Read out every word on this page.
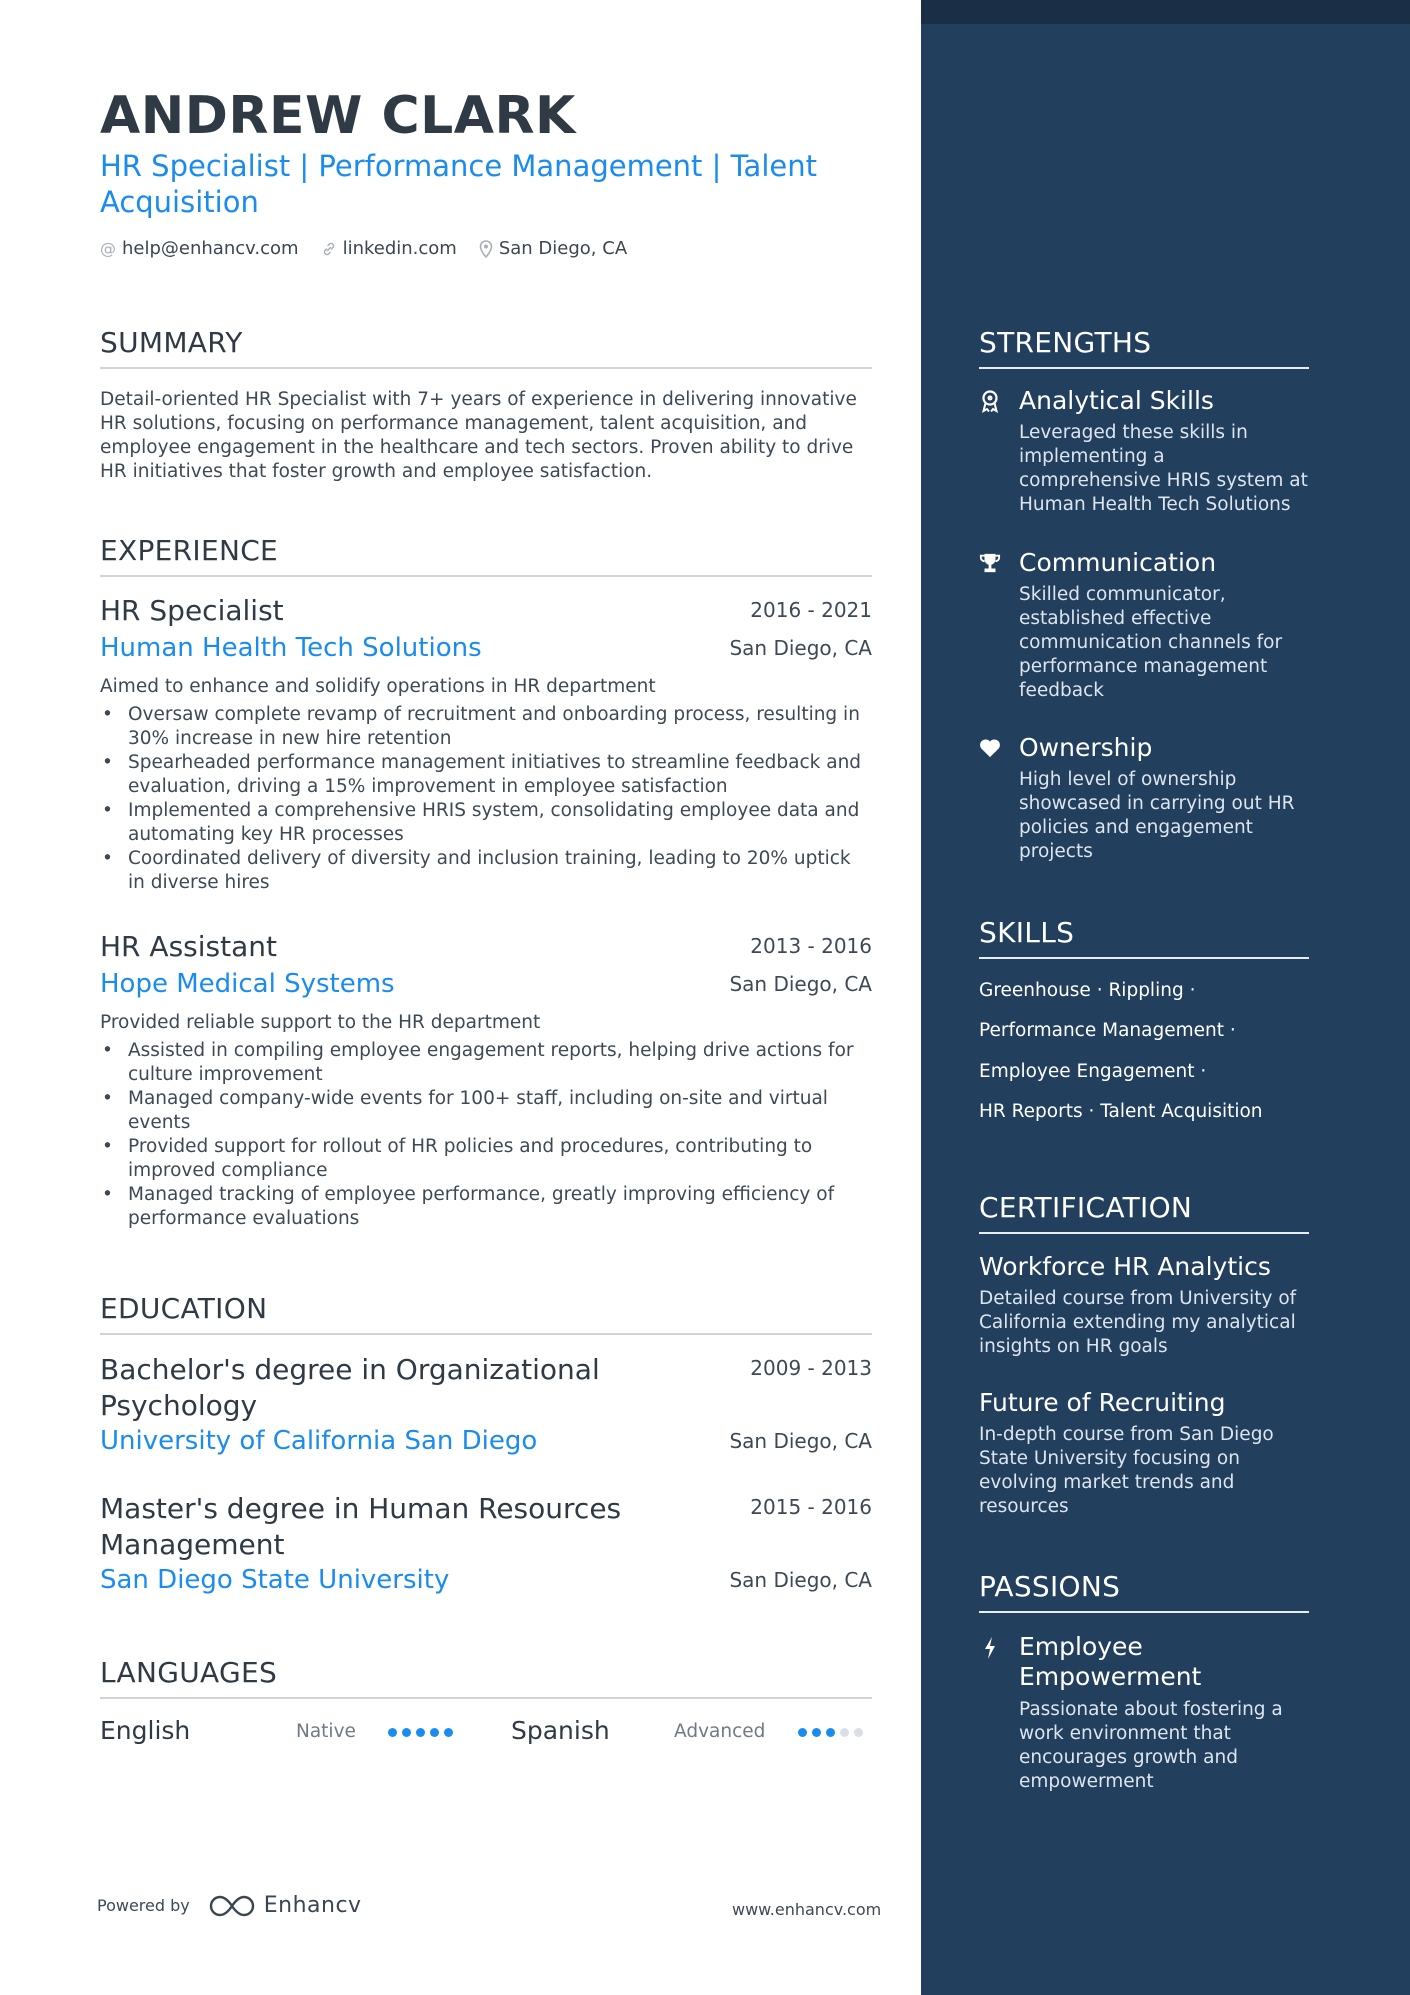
ANDREW CLARK
HR Specialist | Performance Management | Talent Acquisition
@ help@enhancv.com linkedin.com San Diego, CA
SUMMARY
Detail-oriented HR Specialist with 7+ years of experience in delivering innovative HR solutions, focusing on performance management, talent acquisition, and employee engagement in the healthcare and tech sectors. Proven ability to drive HR initiatives that foster growth and employee satisfaction.
EXPERIENCE
HR Specialist	2016 - 2021
Human Health Tech Solutions	San Diego, CA
Aimed to enhance and solidify operations in HR department
• Oversaw complete revamp of recruitment and onboarding process, resulting in 30% increase in new hire retention
• Spearheaded performance management initiatives to streamline feedback and evaluation, driving a 15% improvement in employee satisfaction
• Implemented a comprehensive HRIS system, consolidating employee data and automating key HR processes
• Coordinated delivery of diversity and inclusion training, leading to 20% uptick in diverse hires
HR Assistant	2013 - 2016
Hope Medical Systems	San Diego, CA
Provided reliable support to the HR department
• Assisted in compiling employee engagement reports, helping drive actions for culture improvement
• Managed company-wide events for 100+ staff, including on-site and virtual events
• Provided support for rollout of HR policies and procedures, contributing to improved compliance
• Managed tracking of employee performance, greatly improving efficiency of performance evaluations
EDUCATION
Bachelor's degree in Organizational Psychology
2009 - 2013
University of California San Diego	San Diego, CA
Master's degree in Human Resources Management
2015 - 2016
San Diego State University	San Diego, CA
LANGUAGES
English	Native	Spanish	Advanced
Powered by	Enhancv	www.enhancv.com
STRENGTHS
Analytical Skills
Leveraged these skills in implementing a comprehensive HRIS system at Human Health Tech Solutions
Communication
Skilled communicator, established effective communication channels for performance management feedback
Ownership
High level of ownership showcased in carrying out HR policies and engagement projects
SKILLS
Greenhouse · Rippling ·
Performance Management ·
Employee Engagement ·
HR Reports · Talent Acquisition
CERTIFICATION
Workforce HR Analytics
Detailed course from University of California extending my analytical insights on HR goals
Future of Recruiting
In-depth course from San Diego State University focusing on evolving market trends and resources
PASSIONS
Employee Empowerment
Passionate about fostering a work environment that encourages growth and empowerment
